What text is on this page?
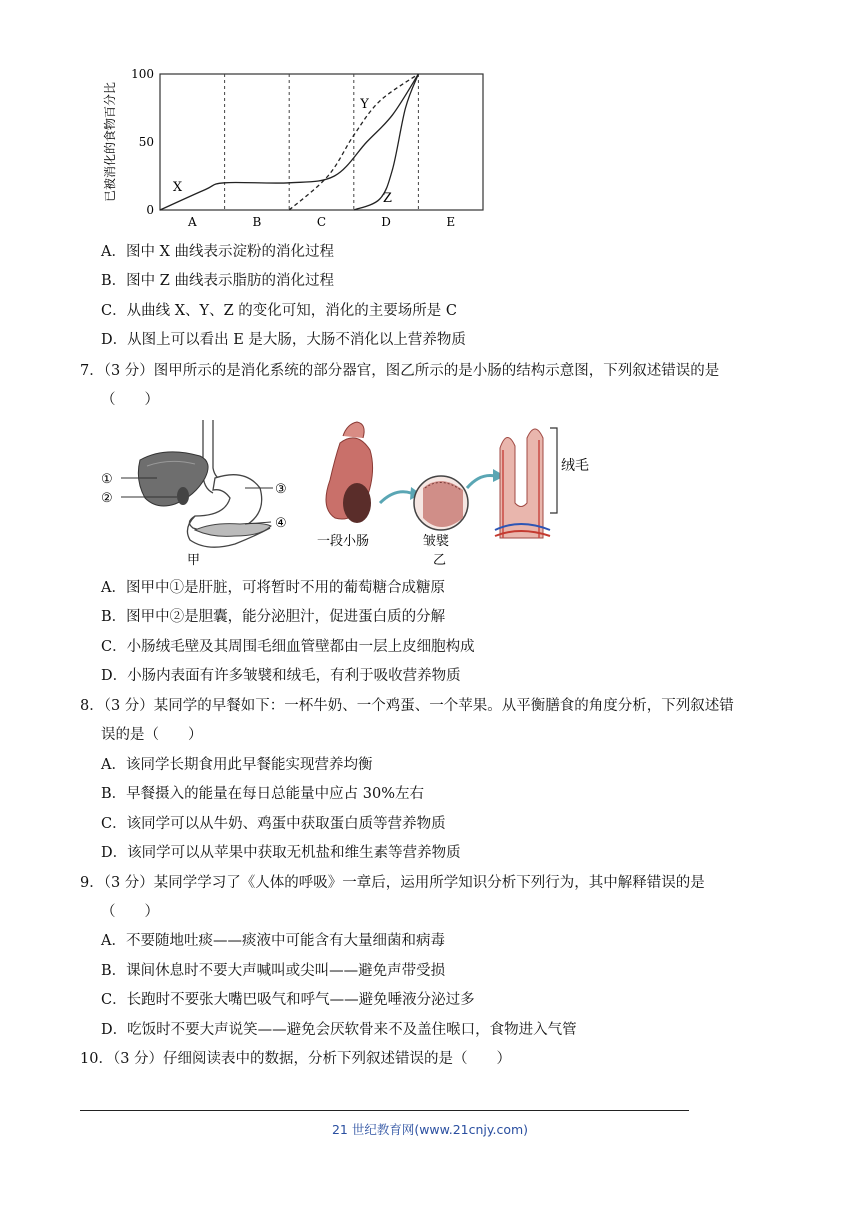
A	B	C	D	E
0
50
100
已被消化的食物百分比	X
Y
Z
A．图中 X 曲线表示淀粉的消化过程
B．图中 Z 曲线表示脂肪的消化过程
C．从曲线 X、Y、Z 的变化可知，消化的主要场所是 C
D．从图上可以看出 E 是大肠，大肠不消化以上营养物质
7．（3 分）图甲所示的是消化系统的部分器官，图乙所示的是小肠的结构示意图，下列叙述错误的是
（　　）
①
②
③
④
甲
一段小肠	皱襞
乙
绒毛
A．图甲中①是肝脏，可将暂时不用的葡萄糖合成糖原
B．图甲中②是胆囊，能分泌胆汁，促进蛋白质的分解
C．小肠绒毛壁及其周围毛细血管壁都由一层上皮细胞构成
D．小肠内表面有许多皱襞和绒毛，有利于吸收营养物质
8．（3 分）某同学的早餐如下：一杯牛奶、一个鸡蛋、一个苹果。从平衡膳食的角度分析，下列叙述错
误的是（　　）
A．该同学长期食用此早餐能实现营养均衡
B．早餐摄入的能量在每日总能量中应占 30%左右
C．该同学可以从牛奶、鸡蛋中获取蛋白质等营养物质
D．该同学可以从苹果中获取无机盐和维生素等营养物质
9．（3 分）某同学学习了《人体的呼吸》一章后，运用所学知识分析下列行为，其中解释错误的是
（　　）
A．不要随地吐痰——痰液中可能含有大量细菌和病毒
B．课间休息时不要大声喊叫或尖叫——避免声带受损
C．长跑时不要张大嘴巴吸气和呼气——避免唾液分泌过多
D．吃饭时不要大声说笑——避免会厌软骨来不及盖住喉口，食物进入气管
10．（3 分）仔细阅读表中的数据，分析下列叙述错误的是（　　）
21 世纪教育网(www.21cnjy.com)
